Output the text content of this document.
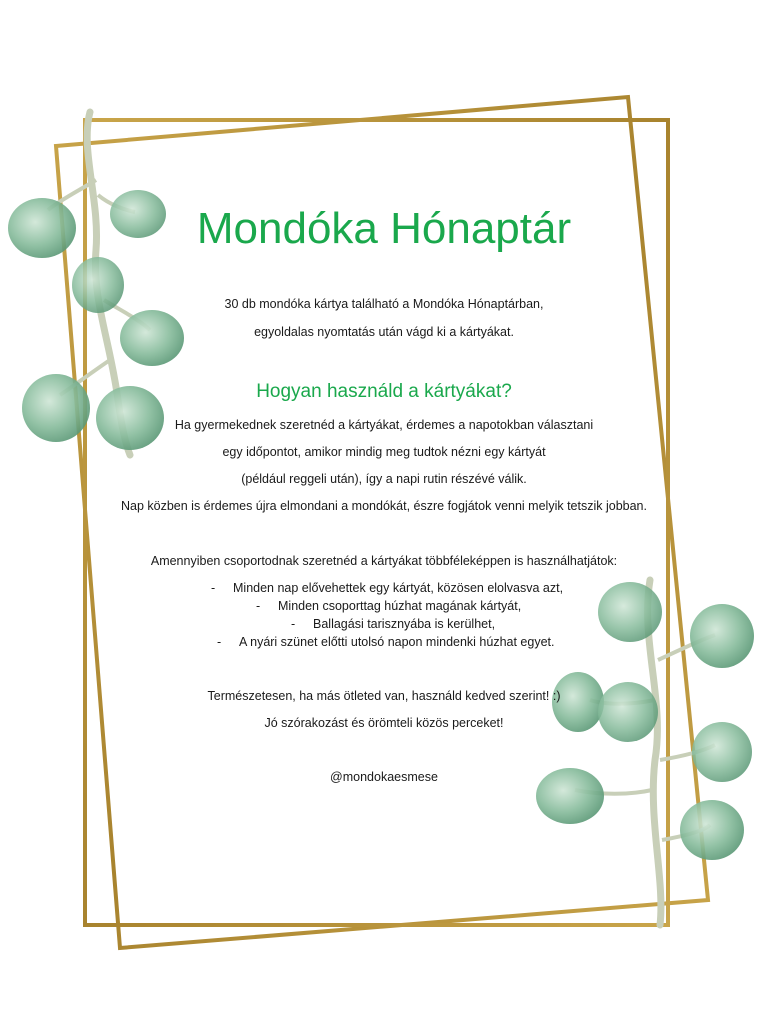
Mondóka Hónaptár
30 db mondóka kártya található a Mondóka Hónaptárban,
egyoldalas nyomtatás után vágd ki a kártyákat.
Hogyan használd a kártyákat?
Ha gyermekednek szeretnéd a kártyákat, érdemes a napotokban választani
egy időpontot, amikor mindig meg tudtok nézni egy kártyát
(például reggeli után), így a napi rutin részévé válik.
Nap közben is érdemes újra elmondani a mondókát, észre fogjátok venni melyik tetszik jobban.
Amennyiben csoportodnak szeretnéd a kártyákat többféleképpen is használhatjátok:
- Minden nap elővehettek egy kártyát, közösen elolvasva azt,
- Minden csoporttag húzhat magának kártyát,
- Ballagási tarisznyába is kerülhet,
- A nyári szünet előtti utolsó napon mindenki húzhat egyet.
Természetesen, ha más ötleted van, használd kedved szerint! :)
Jó szórakozást és örömteli közös perceket!
@mondokaesmese
